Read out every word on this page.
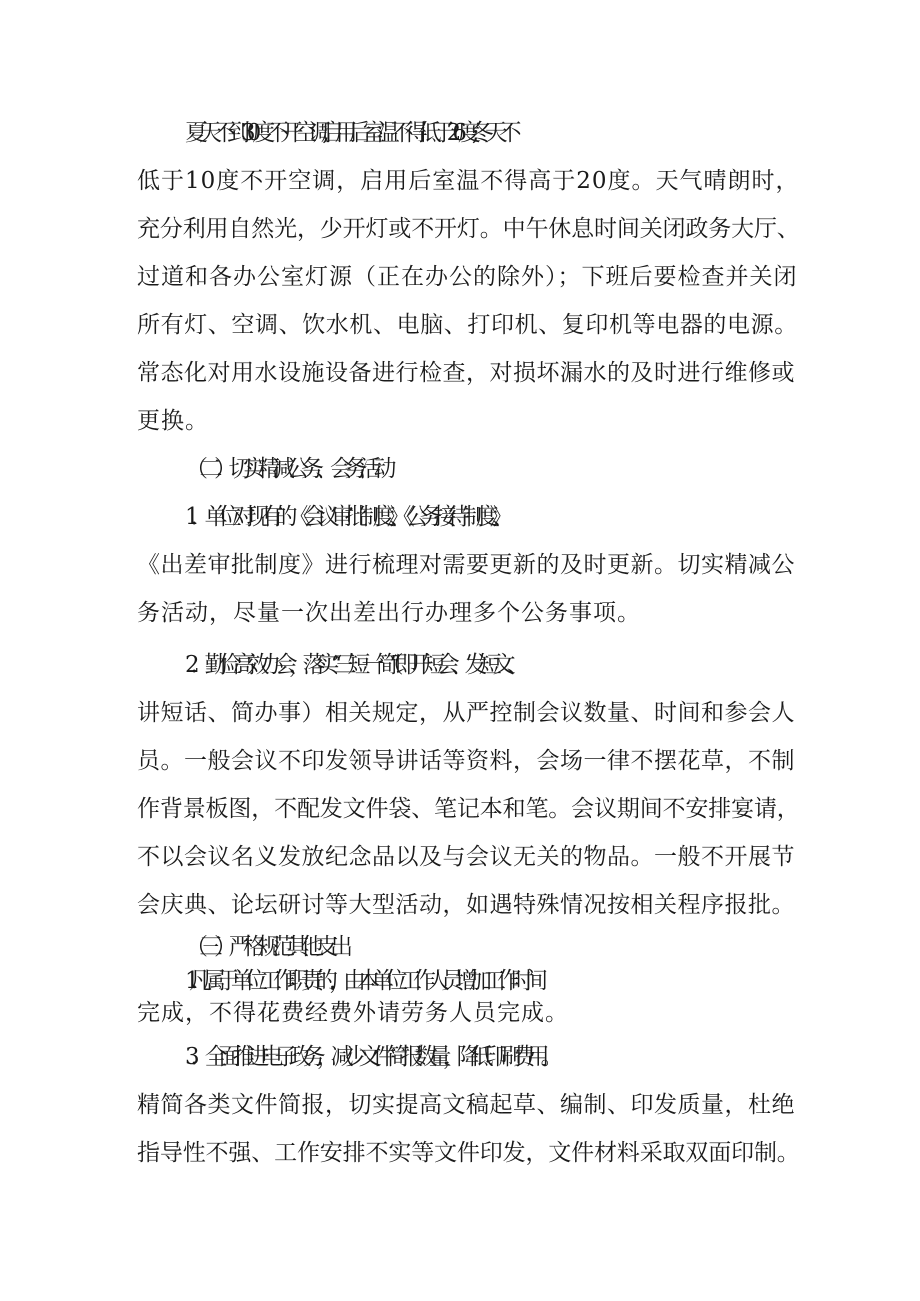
夏天不到30度不开空调,启用后室温不得低于26度;冬天不
低于10度不开空调，启用后室温不得高于20度。天气晴朗时，
充分利用自然光，少开灯或不开灯。中午休息时间关闭政务大厅、
过道和各办公室灯源（正在办公的除外）；下班后要检查并关闭
所有灯、空调、饮水机、电脑、打印机、复印机等电器的电源。
常态化对用水设施设备进行检查，对损坏漏水的及时进行维修或
更换。
（二）切实精减公务、会务活动
1．单位对现有的《会议审批制度》、《公务接待制度》、
《出差审批制度》进行梳理对需要更新的及时更新。切实精减公
务活动，尽量一次出差出行办理多个公务事项。
2．勤俭高效办会，落实“三短一简”（即开短会、发短文、
讲短话、简办事）相关规定，从严控制会议数量、时间和参会人
员。一般会议不印发领导讲话等资料，会场一律不摆花草，不制
作背景板图，不配发文件袋、笔记本和笔。会议期间不安排宴请，
不以会议名义发放纪念品以及与会议无关的物品。一般不开展节
会庆典、论坛研讨等大型活动，如遇特殊情况按相关程序报批。
（三）严格规范其他支出
1.凡属于单位工作职责的，由本单位工作人员增加工作时间
完成，不得花费经费外请劳务人员完成。
3．全面推进电子政务，减少文件简报数量，降低印刷费用。
精简各类文件简报，切实提高文稿起草、编制、印发质量，杜绝
指导性不强、工作安排不实等文件印发，文件材料采取双面印制。
